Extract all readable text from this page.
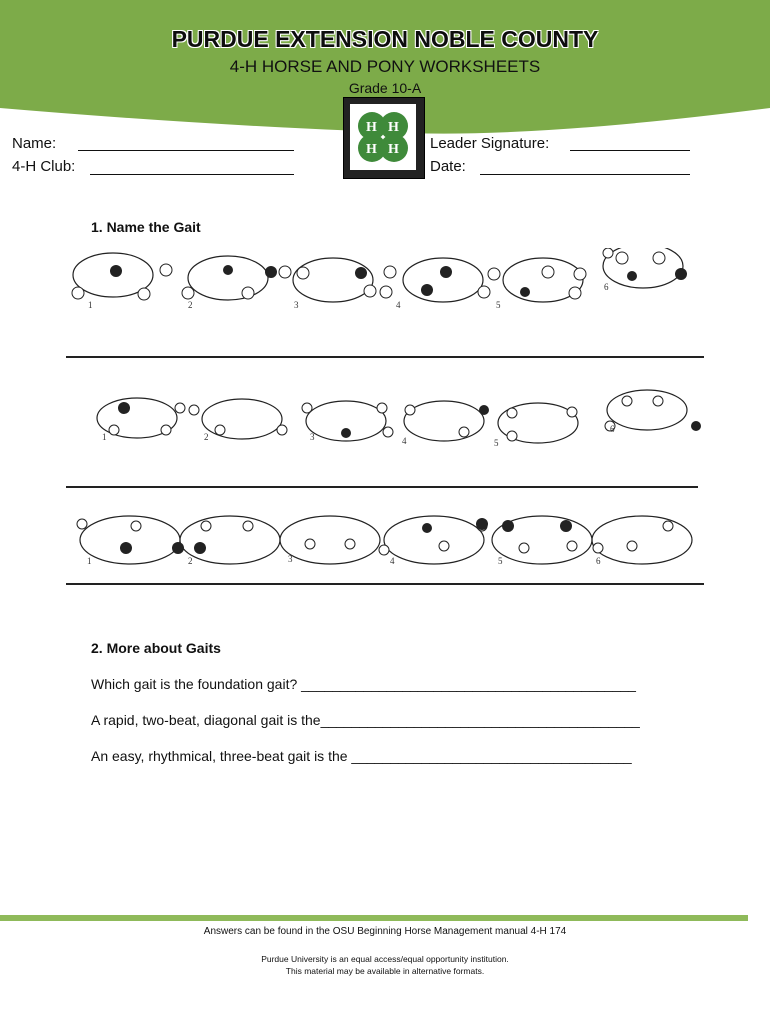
PURDUE EXTENSION NOBLE COUNTY
4-H HORSE AND PONY WORKSHEETS
Grade 10-A
H H
H H
Name:
4-H Club:
Leader Signature:
Date:
1. Name the Gait
1	2	3	4	5
6
1	2	3	4	5
6
1	2	3	4	5	6
2. More about Gaits
Which gait is the foundation gait? ___________________________________________
A rapid, two-beat, diagonal gait is the_________________________________________
An easy, rhythmical, three-beat gait is the ____________________________________
Answers can be found in the OSU Beginning Horse Management manual 4-H 174
Purdue University is an equal access/equal opportunity institution.
This material may be available in alternative formats.
